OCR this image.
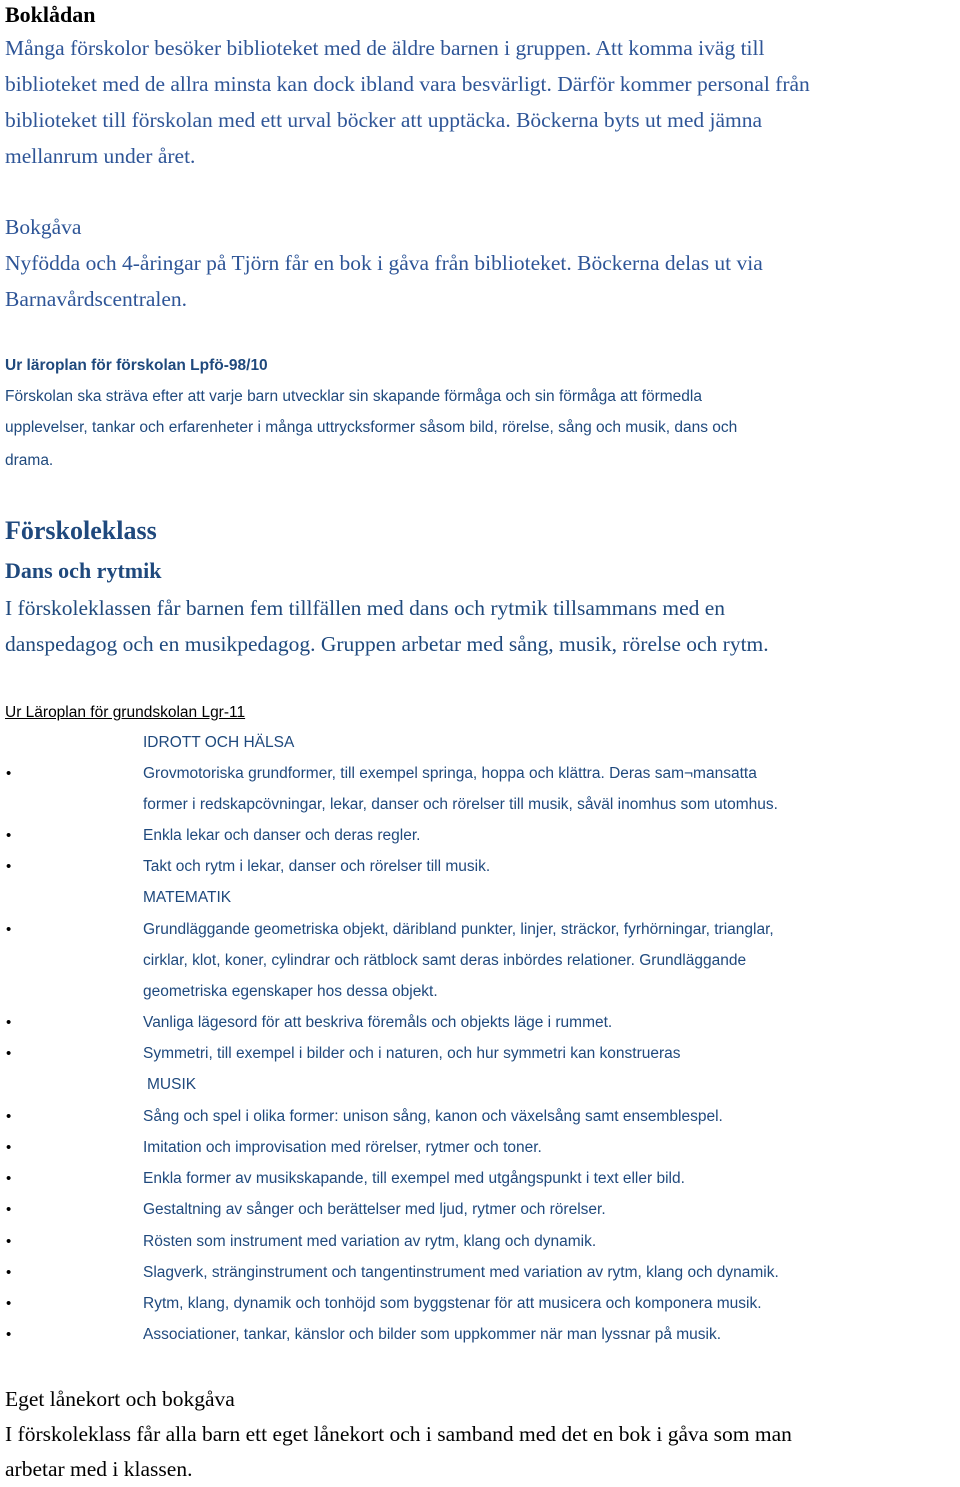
Boklådan
Många förskolor besöker biblioteket med de äldre barnen i gruppen. Att komma iväg till
biblioteket med de allra minsta kan dock ibland vara besvärligt. Därför kommer personal från
biblioteket till förskolan med ett urval böcker att upptäcka. Böckerna byts ut med jämna
mellanrum under året.
Bokgåva
Nyfödda och 4-åringar på Tjörn får en bok i gåva från biblioteket. Böckerna delas ut via
Barnavårdscentralen.
Ur läroplan för förskolan Lpfö-98/10
Förskolan ska sträva efter att varje barn utvecklar sin skapande förmåga och sin förmåga att förmedla
upplevelser, tankar och erfarenheter i många uttrycksformer såsom bild, rörelse, sång och musik, dans och
drama.
Förskoleklass
Dans och rytmik
I förskoleklassen får barnen fem tillfällen med dans och rytmik tillsammans med en
danspedagog och en musikpedagog. Gruppen arbetar med sång, musik, rörelse och rytm.
Ur Läroplan för grundskolan Lgr-11
IDROTT OCH HÄLSA
•	Grovmotoriska grundformer, till exempel springa, hoppa och klättra. Deras sam¬mansatta
former i redskapсövningar, lekar, danser och rörelser till musik, såväl inomhus som utomhus.
•	Enkla lekar och danser och deras regler.
•	Takt och rytm i lekar, danser och rörelser till musik.
MATEMATIK
•	Grundläggande geometriska objekt, däribland punkter, linjer, sträckor, fyrhörningar, trianglar,
cirklar, klot, koner, cylindrar och rätblock samt deras inbördes relationer. Grundläggande
geometriska egenskaper hos dessa objekt.
•	Vanliga lägesord för att beskriva föremåls och objekts läge i rummet.
•	Symmetri, till exempel i bilder och i naturen, och hur symmetri kan konstrueras
MUSIK
•	Sång och spel i olika former: unison sång, kanon och växelsång samt ensemblespel.
•	Imitation och improvisation med rörelser, rytmer och toner.
•	Enkla former av musikskapande, till exempel med utgångspunkt i text eller bild.
•	Gestaltning av sånger och berättelser med ljud, rytmer och rörelser.
•	Rösten som instrument med variation av rytm, klang och dynamik.
•	Slagverk, stränginstrument och tangentinstrument med variation av rytm, klang och dynamik.
•	Rytm, klang, dynamik och tonhöjd som byggstenar för att musicera och komponera musik.
•	Associationer, tankar, känslor och bilder som uppkommer när man lyssnar på musik.
Eget lånekort och bokgåva
I förskoleklass får alla barn ett eget lånekort och i samband med det en bok i gåva som man
arbetar med i klassen.
